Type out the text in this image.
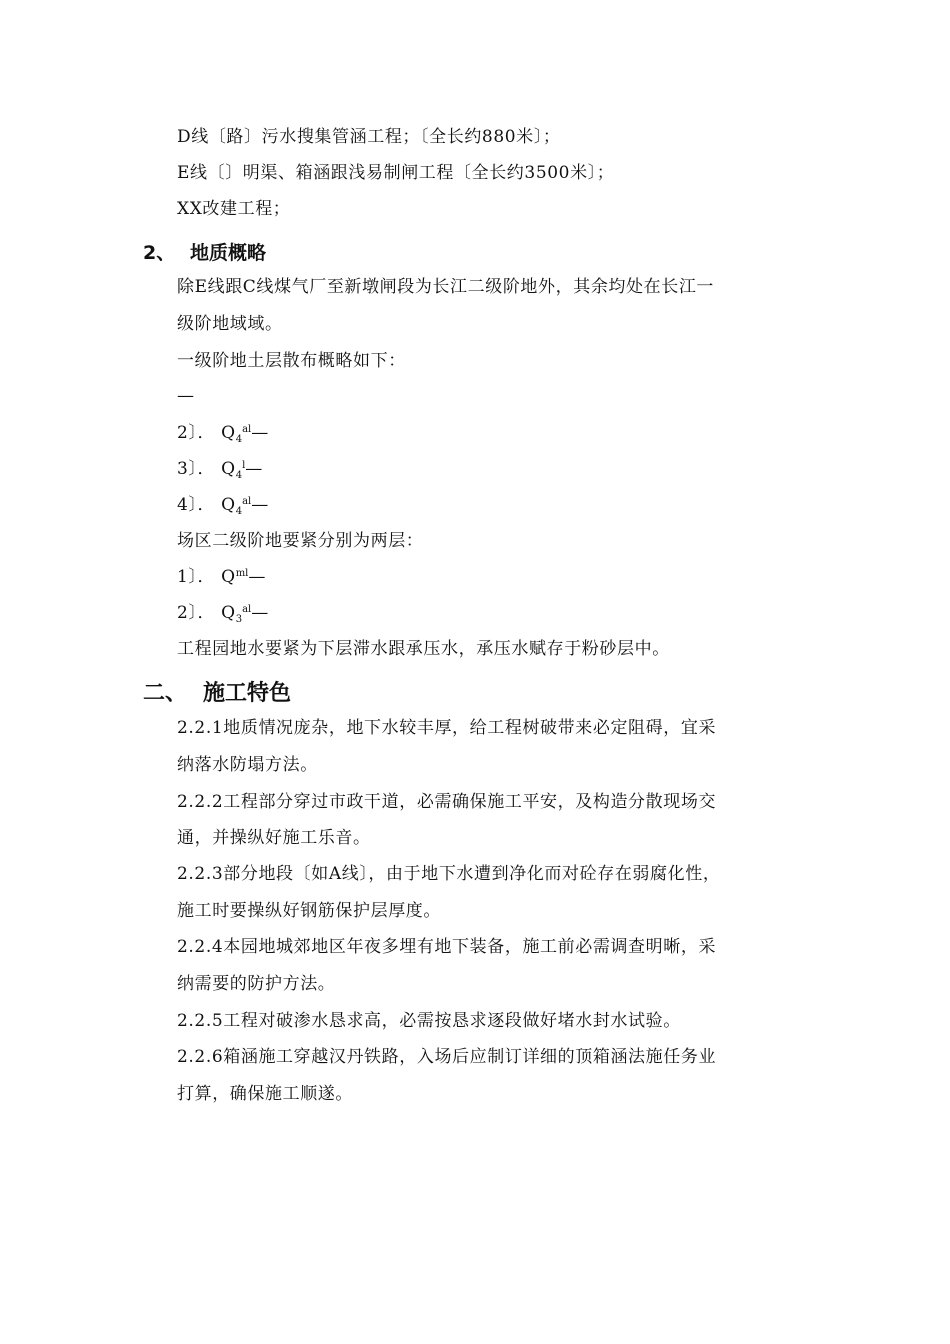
D线〔路〕污水搜集管涵工程；〔全长约880米〕；
E线〔〕明渠、箱涵跟浅易制闸工程〔全长约3500米〕；
XX改建工程；
2、 地质概略
除E线跟C线煤气厂至新墩闸段为长江二级阶地外，其余均处在长江一
级阶地域域。
一级阶地土层散布概略如下：
—
2〕． $Q_4^{al}—$
3〕． $Q_4^l—$
4〕． $Q_4^{al}—$
场区二级阶地要紧分别为两层：
1〕． $Q^{ml}—$
2〕． $Q_3^{al}—$
工程园地水要紧为下层滞水跟承压水，承压水赋存于粉砂层中。
二、 施工特色
2.2.1地质情况庞杂，地下水较丰厚，给工程树破带来必定阻碍，宜采
纳落水防塌方法。
2.2.2工程部分穿过市政干道，必需确保施工平安，及构造分散现场交
通，并操纵好施工乐音。
2.2.3部分地段〔如A线〕，由于地下水遭到净化而对砼存在弱腐化性，
施工时要操纵好钢筋保护层厚度。
2.2.4本园地城郊地区年夜多埋有地下装备，施工前必需调查明晰，采
纳需要的防护方法。
2.2.5工程对破渗水恳求高，必需按恳求逐段做好堵水封水试验。
2.2.6箱涵施工穿越汉丹铁路，入场后应制订详细的顶箱涵法施任务业
打算，确保施工顺遂。
